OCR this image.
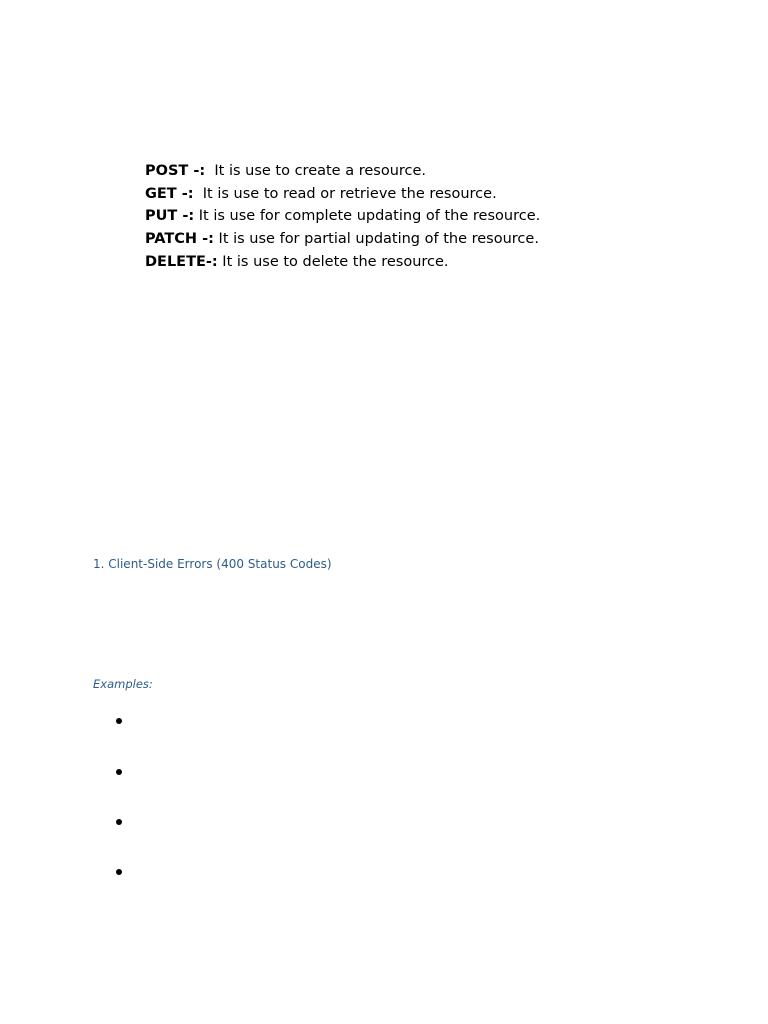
POST -:  It is use to create a resource.
GET -:  It is use to read or retrieve the resource.
PUT -: It is use for complete updating of the resource.
PATCH -: It is use for partial updating of the resource.
DELETE-: It is use to delete the resource.
1. Client-Side Errors (400 Status Codes)

Examples:
